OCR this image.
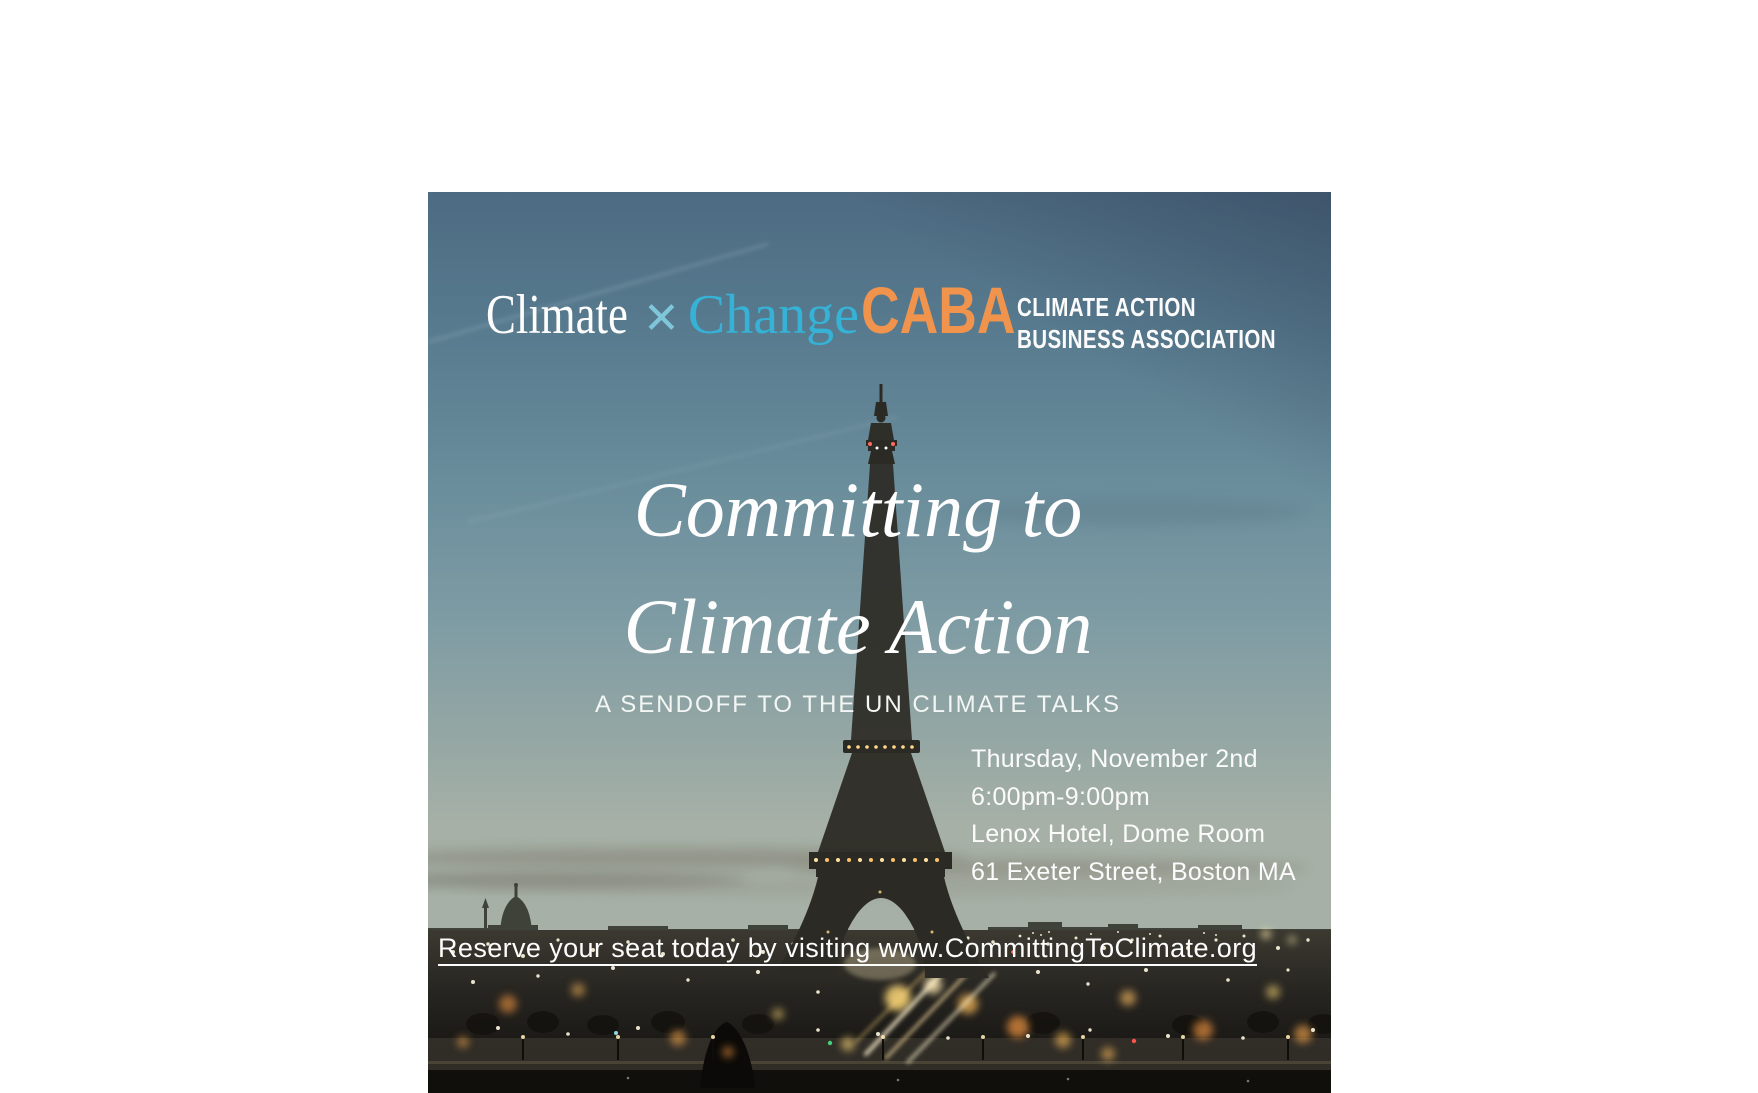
Climate ✕ Change CABA CLIMATE ACTION
BUSINESS ASSOCIATION
Committing to
Climate Action
A SENDOFF TO THE UN CLIMATE TALKS
Thursday, November 2nd
6:00pm-9:00pm
Lenox Hotel, Dome Room
61 Exeter Street, Boston MA
Reserve your seat today by visiting www.CommittingToClimate.org
